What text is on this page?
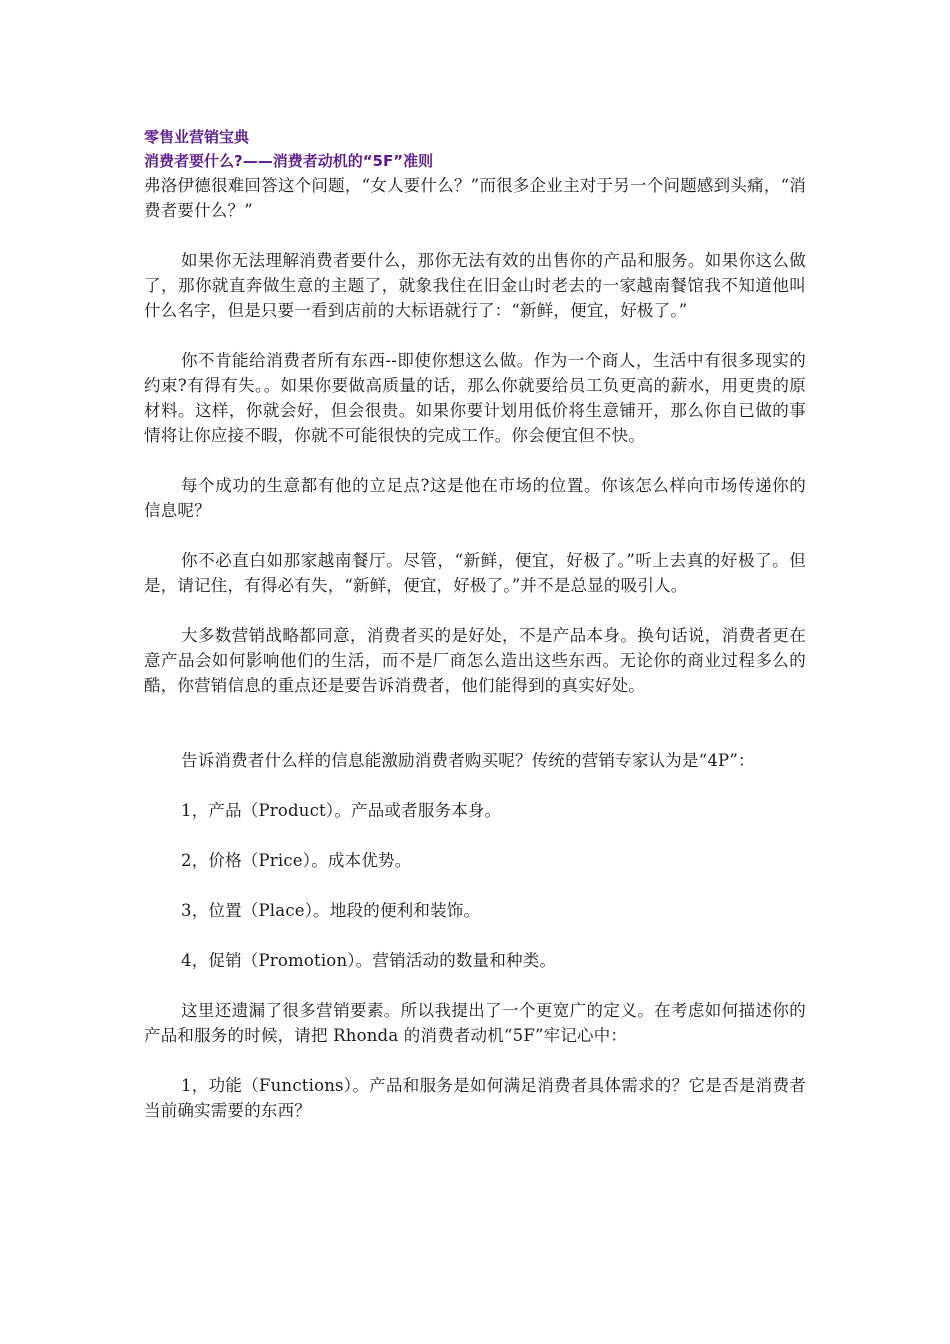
零售业营销宝典

消费者要什么?——消费者动机的“5F”准则

弗洛伊德很难回答这个问题，“女人要什么？”而很多企业主对于另一个问题感到头痛，“消费者要什么？”

如果你无法理解消费者要什么，那你无法有效的出售你的产品和服务。如果你这么做了，那你就直奔做生意的主题了，就象我住在旧金山时老去的一家越南餐馆我不知道他叫什么名字，但是只要一看到店前的大标语就行了：“新鲜，便宜，好极了。”

你不肯能给消费者所有东西--即使你想这么做。作为一个商人，生活中有很多现实的约束?有得有失。。如果你要做高质量的话，那么你就要给员工负更高的薪水，用更贵的原材料。这样，你就会好，但会很贵。如果你要计划用低价将生意铺开，那么你自已做的事情将让你应接不暇，你就不可能很快的完成工作。你会便宜但不快。

每个成功的生意都有他的立足点?这是他在市场的位置。你该怎么样向市场传递你的信息呢？

你不必直白如那家越南餐厅。尽管，“新鲜，便宜，好极了。”听上去真的好极了。但是，请记住，有得必有失，“新鲜，便宜，好极了。”并不是总显的吸引人。

大多数营销战略都同意，消费者买的是好处，不是产品本身。换句话说，消费者更在意产品会如何影响他们的生活，而不是厂商怎么造出这些东西。无论你的商业过程多么的酷，你营销信息的重点还是要告诉消费者，他们能得到的真实好处。

告诉消费者什么样的信息能激励消费者购买呢？传统的营销专家认为是“4P”：

1，产品（Product）。产品或者服务本身。

2，价格（Price）。成本优势。

3，位置（Place）。地段的便利和装饰。

4，促销（Promotion）。营销活动的数量和种类。

这里还遗漏了很多营销要素。所以我提出了一个更宽广的定义。在考虑如何描述你的产品和服务的时候，请把 Rhonda 的消费者动机“5F”牢记心中：

1，功能（Functions）。产品和服务是如何满足消费者具体需求的？它是否是消费者当前确实需要的东西？
